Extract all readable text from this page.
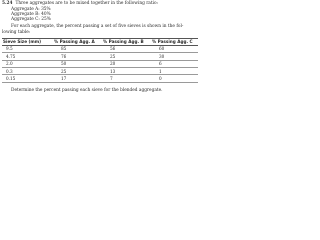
5.24 Three aggregates are to be mixed together in the following ratio:
Aggregate A: 35%
Aggregate B: 40%
Aggregate C: 25%
For each aggregate, the percent passing a set of five sieves is shown in the fol-
lowing table:
Sieve Size (mm)	% Passing Agg. A	% Passing Agg. B	% Passing Agg. C
9.5	85	56	60
4.75	76	25	30
2.0	50	20	6
0.3	25	13	1
0.15	17	7	0
Determine the percent passing each sieve for the blended aggregate.
